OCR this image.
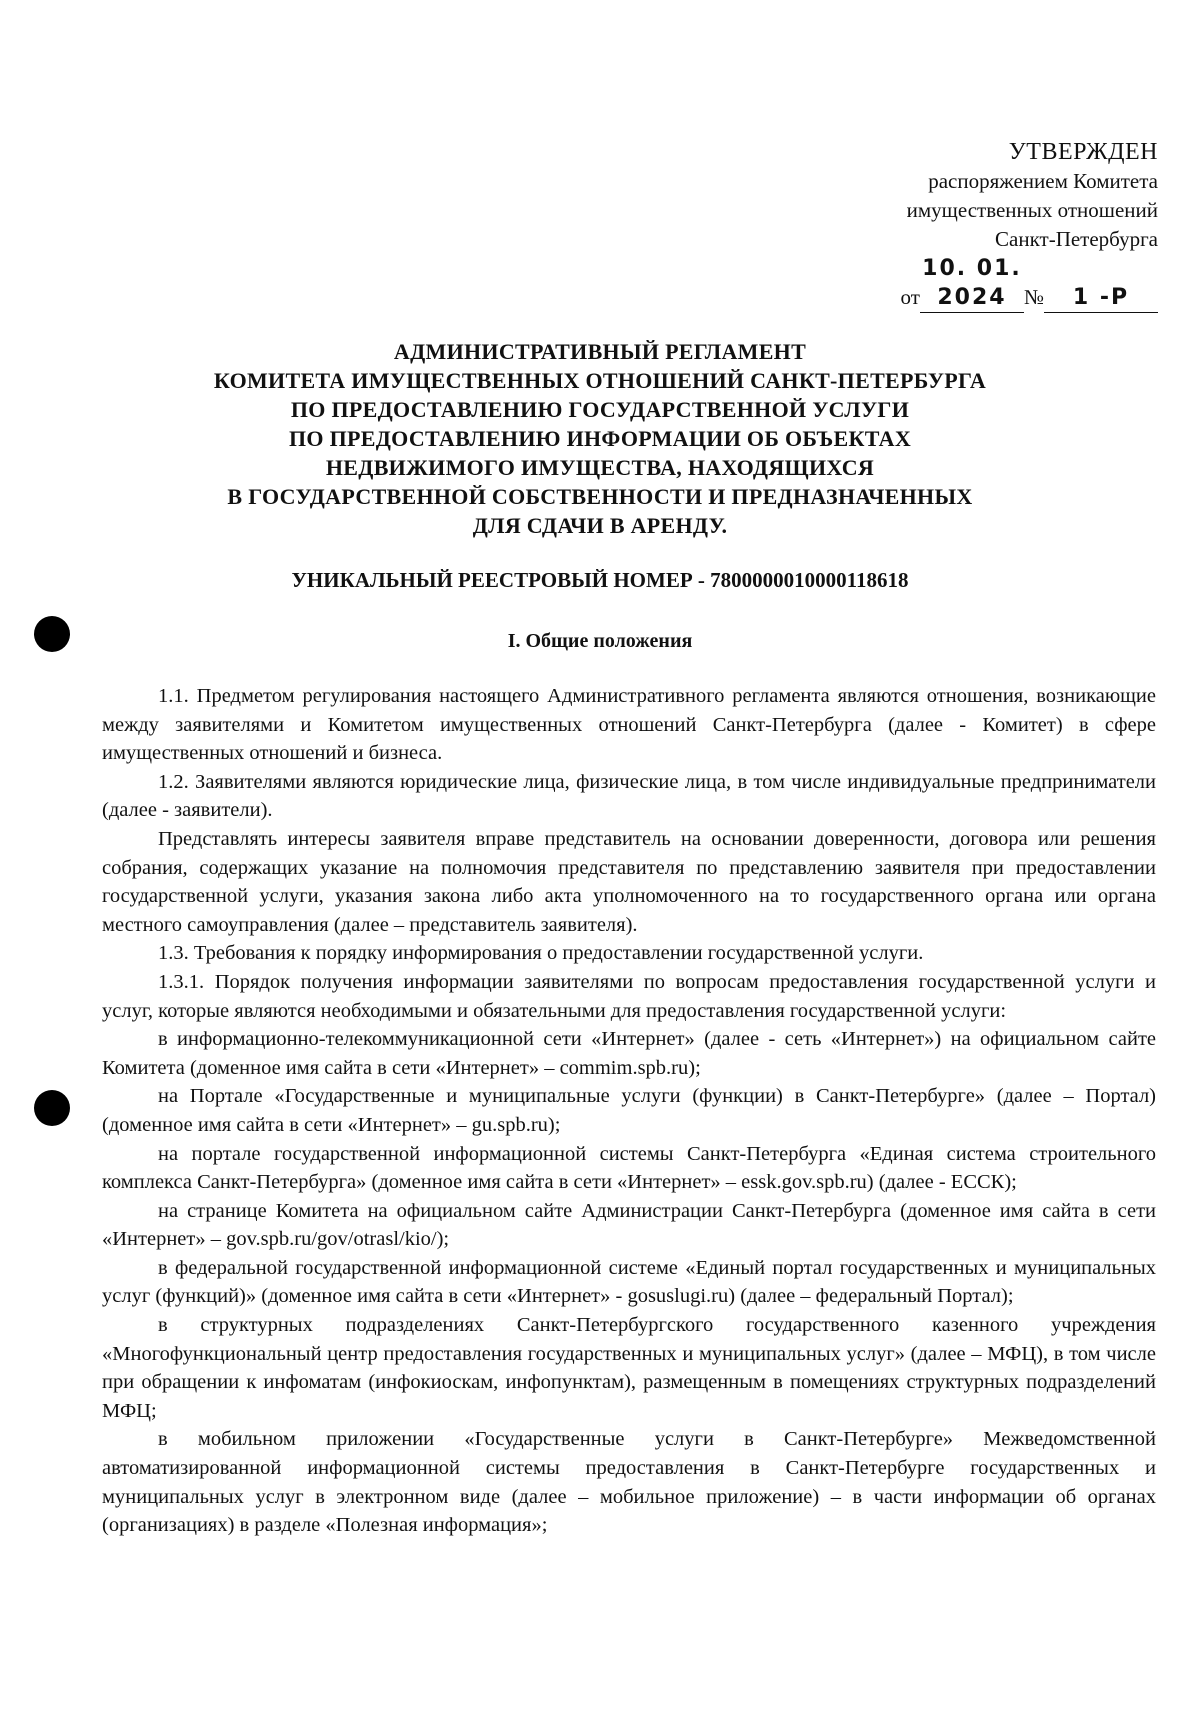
УТВЕРЖДЕН
распоряжением Комитета
имущественных отношений
Санкт-Петербурга
от10. 01. 2024 № 1 -Р
АДМИНИСТРАТИВНЫЙ РЕГЛАМЕНТ
КОМИТЕТА ИМУЩЕСТВЕННЫХ ОТНОШЕНИЙ САНКТ-ПЕТЕРБУРГА
ПО ПРЕДОСТАВЛЕНИЮ ГОСУДАРСТВЕННОЙ УСЛУГИ
ПО ПРЕДОСТАВЛЕНИЮ ИНФОРМАЦИИ ОБ ОБЪЕКТАХ
НЕДВИЖИМОГО ИМУЩЕСТВА, НАХОДЯЩИХСЯ
В ГОСУДАРСТВЕННОЙ СОБСТВЕННОСТИ И ПРЕДНАЗНАЧЕННЫХ
ДЛЯ СДАЧИ В АРЕНДУ.
УНИКАЛЬНЫЙ РЕЕСТРОВЫЙ НОМЕР - 7800000010000118618
I. Общие положения

1.1. Предметом регулирования настоящего Административного регламента являются отношения, возникающие между заявителями и Комитетом имущественных отношений Санкт-Петербурга (далее - Комитет) в сфере имущественных отношений и бизнеса.

1.2. Заявителями являются юридические лица, физические лица, в том числе индивидуальные предприниматели (далее - заявители).

Представлять интересы заявителя вправе представитель на основании доверенности, договора или решения собрания, содержащих указание на полномочия представителя по представлению заявителя при предоставлении государственной услуги, указания закона либо акта уполномоченного на то государственного органа или органа местного самоуправления (далее – представитель заявителя).

1.3. Требования к порядку информирования о предоставлении государственной услуги.

1.3.1. Порядок получения информации заявителями по вопросам предоставления государственной услуги и услуг, которые являются необходимыми и обязательными для предоставления государственной услуги:

в информационно-телекоммуникационной сети «Интернет» (далее - сеть «Интернет») на официальном сайте Комитета (доменное имя сайта в сети «Интернет» – commim.spb.ru);

на Портале «Государственные и муниципальные услуги (функции) в Санкт-Петербурге» (далее – Портал) (доменное имя сайта в сети «Интернет» – gu.spb.ru);

на портале государственной информационной системы Санкт-Петербурга «Единая система строительного комплекса Санкт-Петербурга» (доменное имя сайта в сети «Интернет» – essk.gov.spb.ru) (далее - ЕССК);

на странице Комитета на официальном сайте Администрации Санкт-Петербурга (доменное имя сайта в сети «Интернет» – gov.spb.ru/gov/otrasl/kio/);

в федеральной государственной информационной системе «Единый портал государственных и муниципальных услуг (функций)» (доменное имя сайта в сети «Интернет» - gosuslugi.ru) (далее – федеральный Портал);

в структурных подразделениях Санкт-Петербургского государственного казенного учреждения «Многофункциональный центр предоставления государственных и муниципальных услуг» (далее – МФЦ), в том числе при обращении к инфоматам (инфокиоскам, инфопунктам), размещенным в помещениях структурных подразделений МФЦ;

в мобильном приложении «Государственные услуги в Санкт-Петербурге» Межведомственной автоматизированной информационной системы предоставления в Санкт-Петербурге государственных и муниципальных услуг в электронном виде (далее – мобильное приложение) – в части информации об органах (организациях) в разделе «Полезная информация»;
